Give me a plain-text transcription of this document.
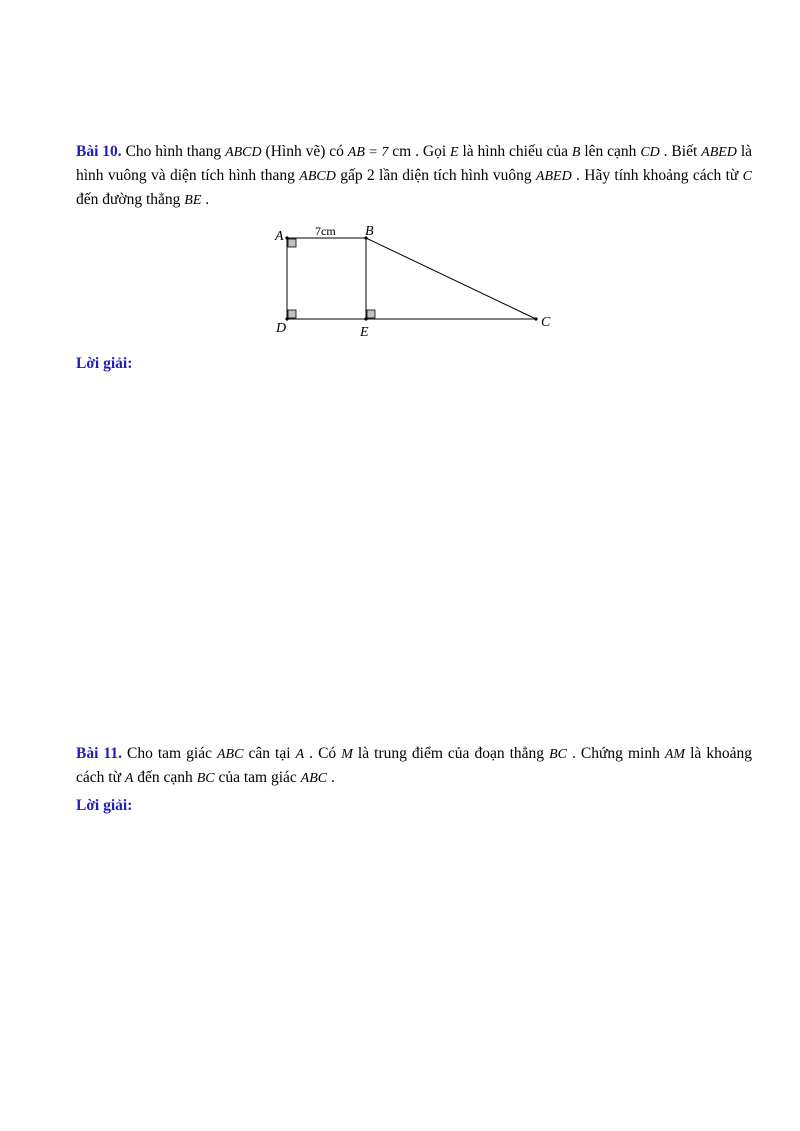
Bài 10. Cho hình thang ABCD (Hình vẽ) có AB = 7 cm . Gọi E là hình chiếu của B lên cạnh CD . Biết ABED là hình vuông và diện tích hình thang ABCD gấp 2 lần diện tích hình vuông ABED . Hãy tính khoảng cách từ C đến đường thẳng BE .
A	B
C
D	E
7cm
Lời giải:
Bài 11. Cho tam giác ABC cân tại A . Có M là trung điểm của đoạn thẳng BC . Chứng minh AM là khoảng cách từ A đến cạnh BC của tam giác ABC .
Lời giải:
